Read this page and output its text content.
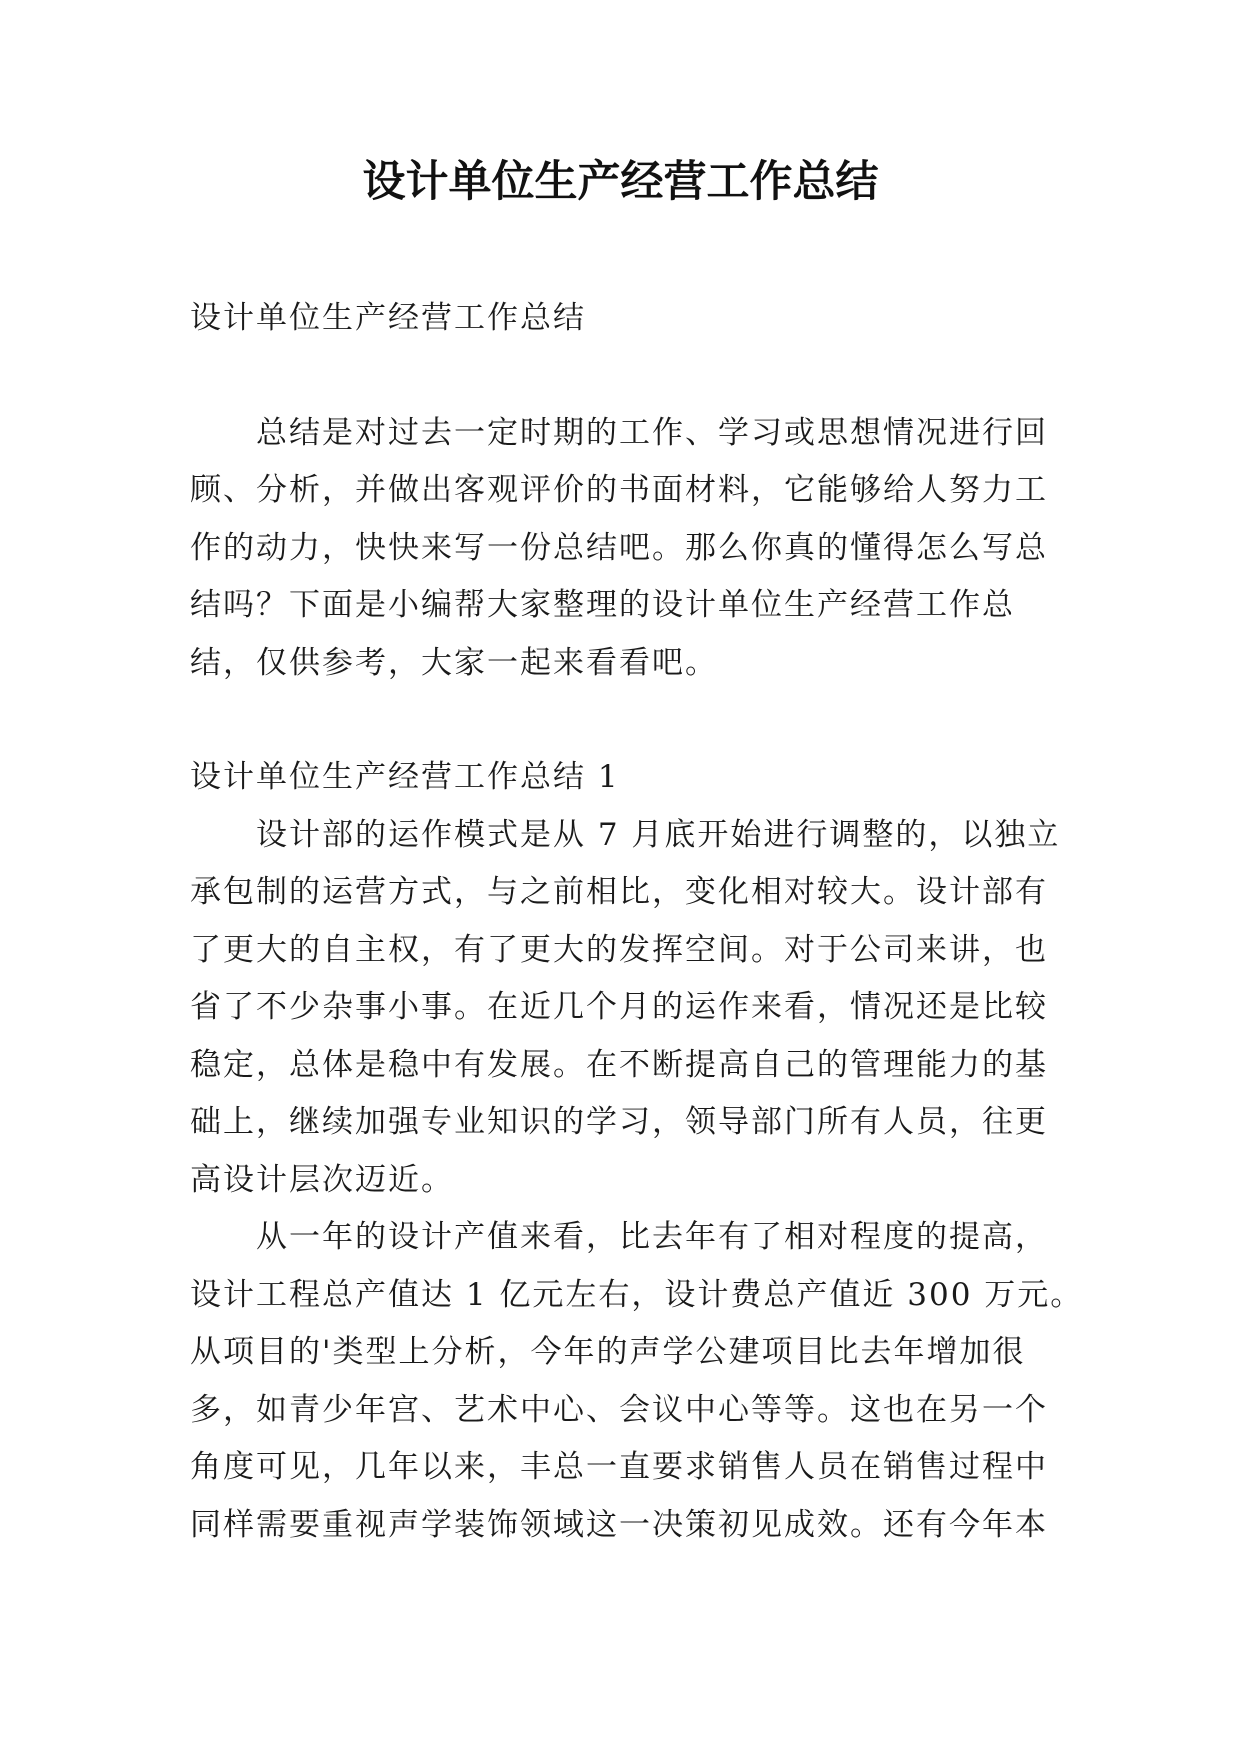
设计单位生产经营工作总结
设计单位生产经营工作总结
总结是对过去一定时期的工作、学习或思想情况进行回
顾、分析，并做出客观评价的书面材料，它能够给人努力工
作的动力，快快来写一份总结吧。那么你真的懂得怎么写总
结吗？下面是小编帮大家整理的设计单位生产经营工作总
结，仅供参考，大家一起来看看吧。
设计单位生产经营工作总结 1
设计部的运作模式是从 7 月底开始进行调整的，以独立
承包制的运营方式，与之前相比，变化相对较大。设计部有
了更大的自主权，有了更大的发挥空间。对于公司来讲，也
省了不少杂事小事。在近几个月的运作来看，情况还是比较
稳定，总体是稳中有发展。在不断提高自己的管理能力的基
础上，继续加强专业知识的学习，领导部门所有人员，往更
高设计层次迈近。
从一年的设计产值来看，比去年有了相对程度的提高，
设计工程总产值达 1 亿元左右，设计费总产值近 300 万元。
从项目的'类型上分析，今年的声学公建项目比去年增加很
多，如青少年宫、艺术中心、会议中心等等。这也在另一个
角度可见，几年以来，丰总一直要求销售人员在销售过程中
同样需要重视声学装饰领域这一决策初见成效。还有今年本
